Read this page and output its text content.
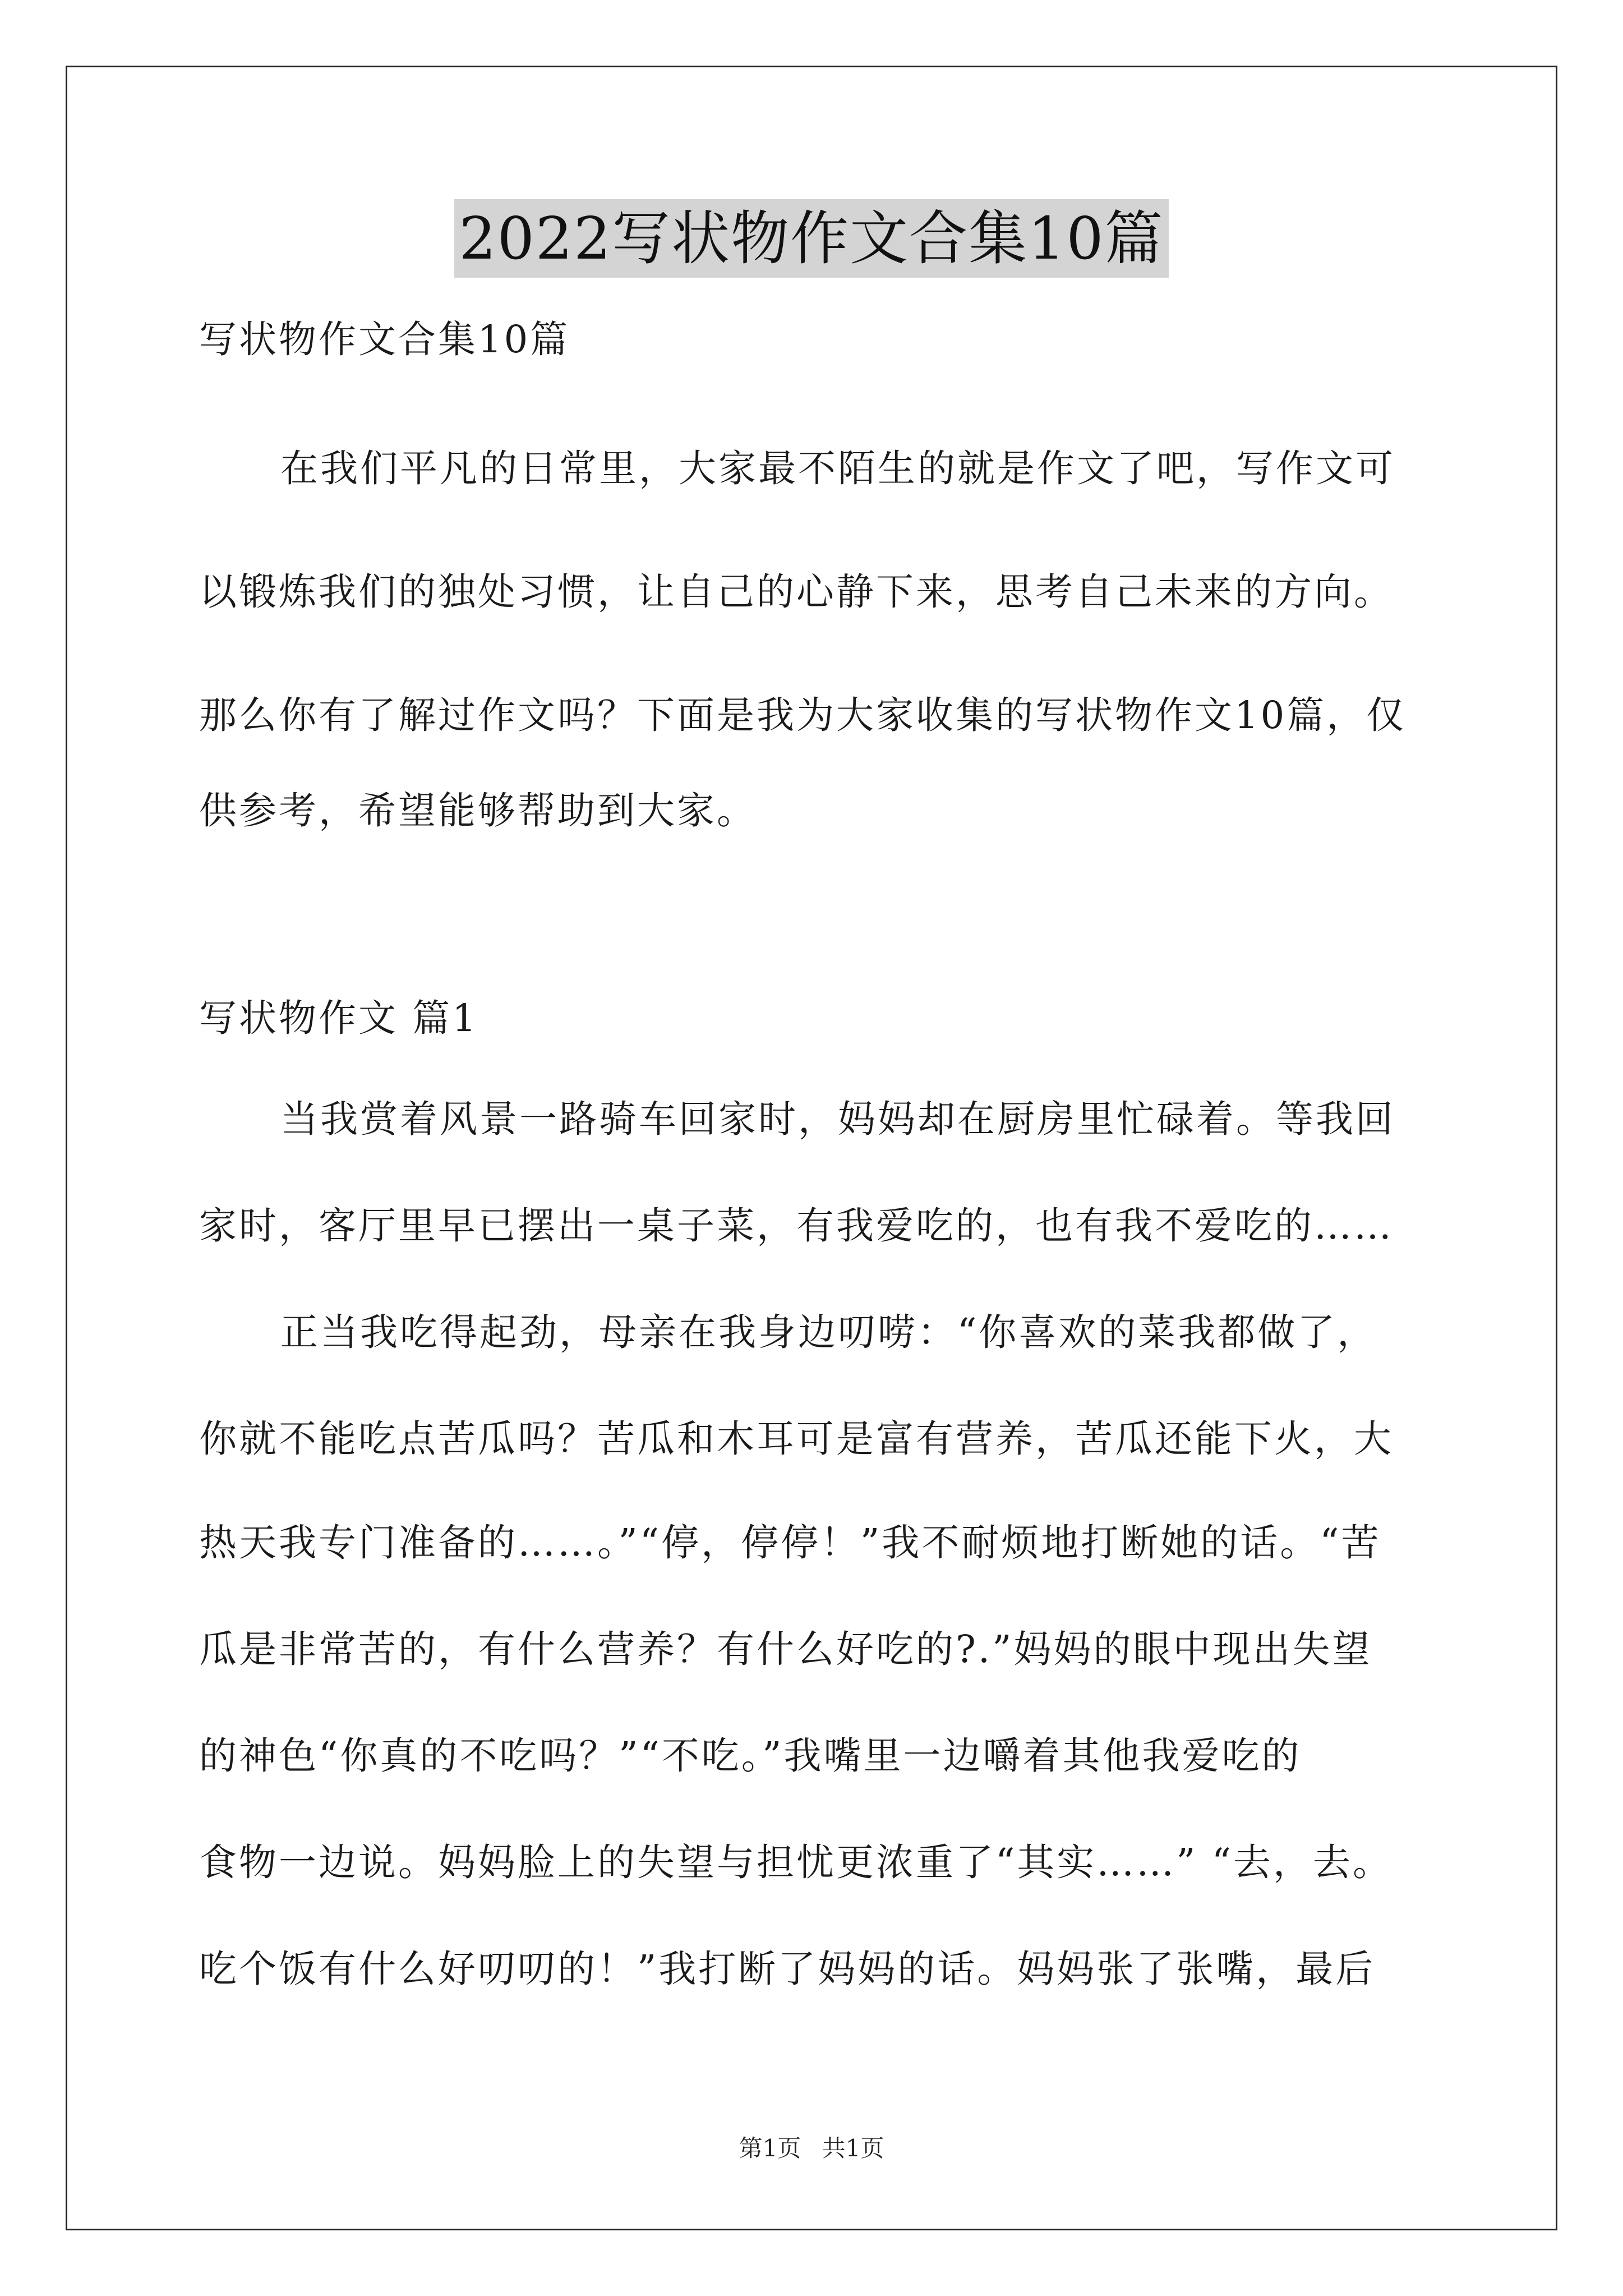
2022写状物作文合集10篇
写状物作文合集10篇
在我们平凡的日常里，大家最不陌生的就是作文了吧，写作文可
以锻炼我们的独处习惯，让自己的心静下来，思考自己未来的方向。
那么你有了解过作文吗？下面是我为大家收集的写状物作文10篇，仅
供参考，希望能够帮助到大家。
写状物作文 篇1
当我赏着风景一路骑车回家时，妈妈却在厨房里忙碌着。等我回
家时，客厅里早已摆出一桌子菜，有我爱吃的，也有我不爱吃的……
正当我吃得起劲，母亲在我身边叨唠：“你喜欢的菜我都做了，
你就不能吃点苦瓜吗？苦瓜和木耳可是富有营养，苦瓜还能下火，大
热天我专门准备的……。”“停，停停！”我不耐烦地打断她的话。“苦
瓜是非常苦的，有什么营养？有什么好吃的?.”妈妈的眼中现出失望
的神色“你真的不吃吗？”“不吃。”我嘴里一边嚼着其他我爱吃的
食物一边说。妈妈脸上的失望与担忧更浓重了“其实……” “去，去。
吃个饭有什么好叨叨的！”我打断了妈妈的话。妈妈张了张嘴，最后
第1页 共1页
